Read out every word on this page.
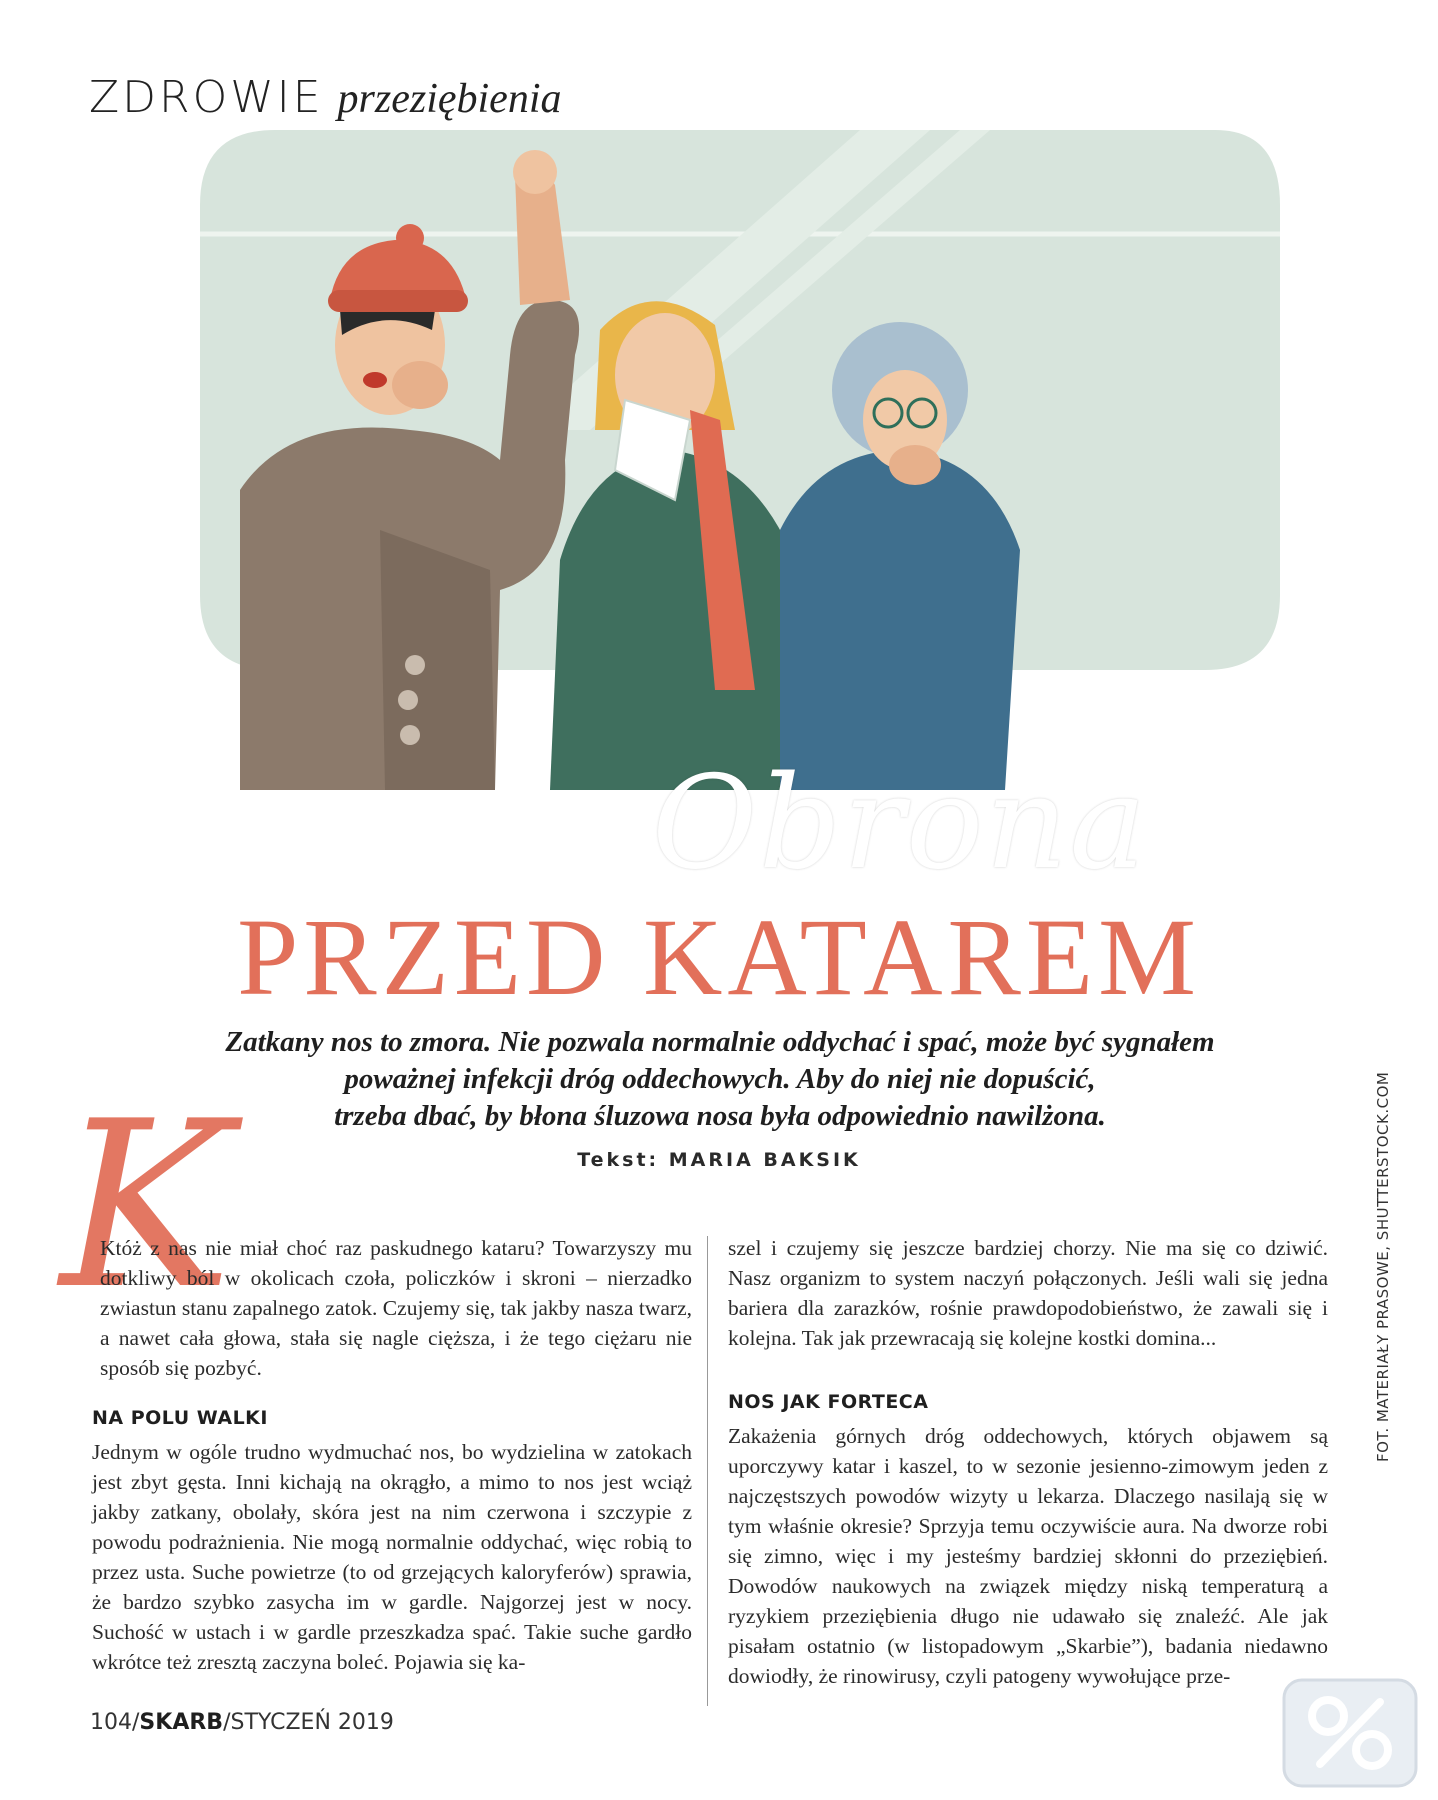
ZDROWIE przeziębienia
Obrona
PRZED KATAREM
Zatkany nos to zmora. Nie pozwala normalnie oddychać i spać, może być sygnałem
poważnej infekcji dróg oddechowych. Aby do niej nie dopuścić,
trzeba dbać, by błona śluzowa nosa była odpowiednio nawilżona.
Tekst: MARIA BAKSIK
K

Któż z nas nie miał choć raz paskudnego kataru? Towarzyszy mu dotkliwy ból w okolicach czoła, policzków i skroni – nierzadko zwiastun stanu zapalnego zatok. Czujemy się, tak jakby nasza twarz, a nawet cała głowa, stała się nagle cięższa, i że tego ciężaru nie sposób się pozbyć.

NA POLU WALKI

Jednym w ogóle trudno wydmuchać nos, bo wydzielina w zatokach jest zbyt gęsta. Inni kichają na okrągło, a mimo to nos jest wciąż jakby zatkany, obolały, skóra jest na nim czerwona i szczypie z powodu podrażnienia. Nie mogą normalnie oddychać, więc robią to przez usta. Suche powietrze (to od grzejących kaloryferów) sprawia, że bardzo szybko zasycha im w gardle. Najgorzej jest w nocy. Suchość w ustach i w gardle przeszkadza spać. Takie suche gardło wkrótce też zresztą zaczyna boleć. Pojawia się ka-

szel i czujemy się jeszcze bardziej chorzy. Nie ma się co dziwić. Nasz organizm to system naczyń połączonych. Jeśli wali się jedna bariera dla zarazków, rośnie prawdopodobieństwo, że zawali się i kolejna. Tak jak przewracają się kolejne kostki domina...

NOS JAK FORTECA

Zakażenia górnych dróg oddechowych, których objawem są uporczywy katar i kaszel, to w sezonie jesienno-zimowym jeden z najczęstszych powodów wizyty u lekarza. Dlaczego nasilają się w tym właśnie okresie? Sprzyja temu oczywiście aura. Na dworze robi się zimno, więc i my jesteśmy bardziej skłonni do przeziębień. Dowodów naukowych na związek między niską temperaturą a ryzykiem przeziębienia długo nie udawało się znaleźć. Ale jak pisałam ostatnio (w listopadowym „Skarbie”), badania niedawno dowiodły, że rinowirusy, czyli patogeny wywołujące prze-

FOT. MATERIAŁY PRASOWE, SHUTTERSTOCK.COM
104/SKARB/STYCZEŃ 2019
